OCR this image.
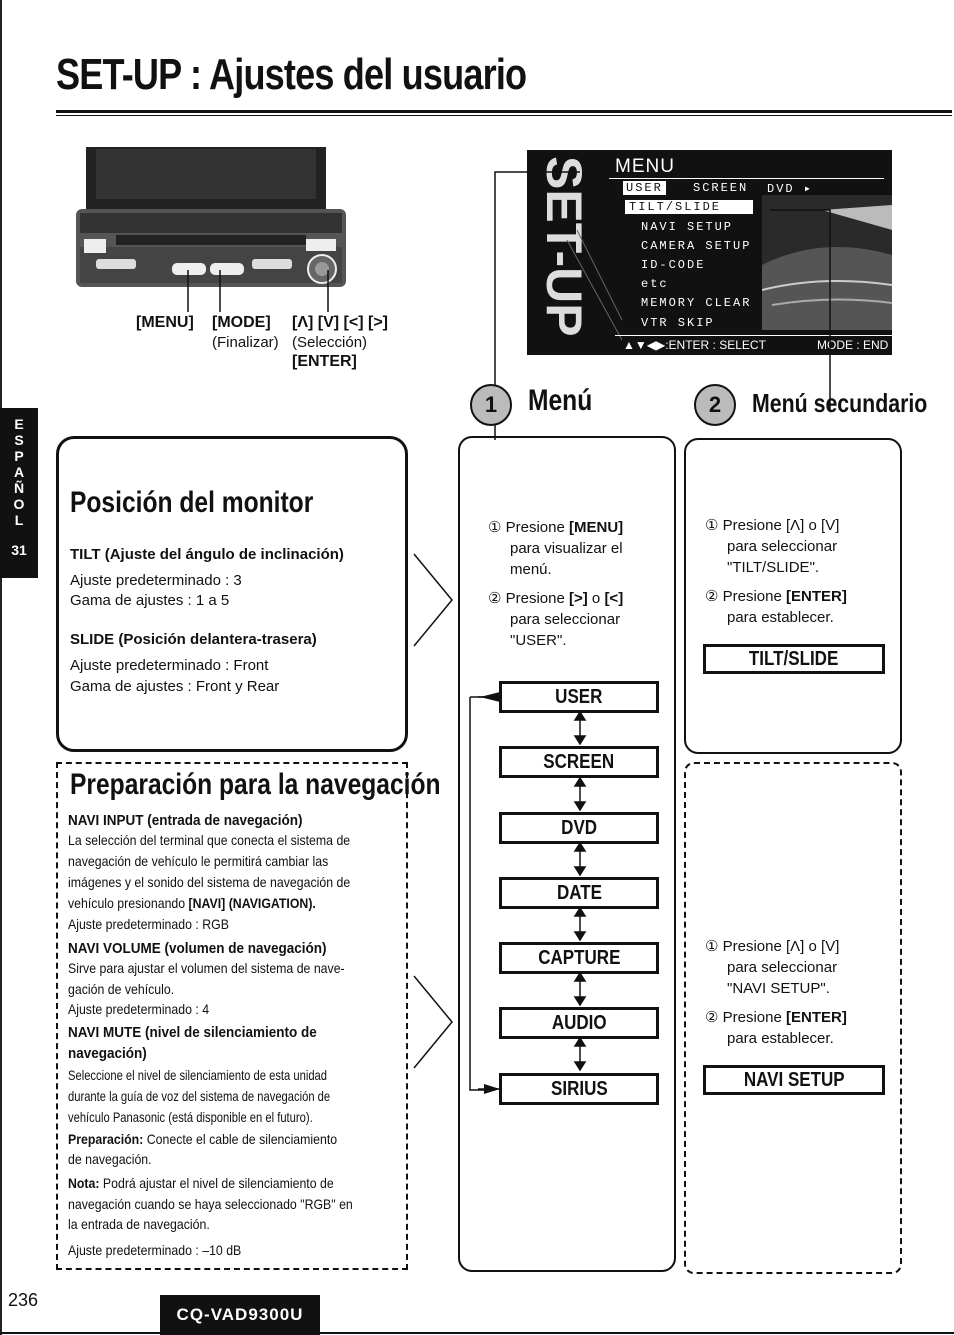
SET-UP : Ajustes del usuario
E
S
P
A
Ñ
O
L
31
[MENU] [MODE] [Λ] [V] [<] [>]
(Finalizar) (Selección)
[ENTER]
SET-UP MENU
USER	SCREEN DVD ▸
TILT/SLIDE
NAVI SETUP
CAMERA SETUP
ID-CODE
etc
MEMORY CLEAR
VTR SKIP
▲▼◀▶:ENTER : SELECT	MODE : END
1	Menú	2	Menú secundario
Posición del monitor
TILT (Ajuste del ángulo de inclinación)
Ajuste predeterminado : 3
Gama de ajustes : 1 a 5
SLIDE (Posición delantera-trasera)
Ajuste predeterminado : Front
Gama de ajustes : Front y Rear
Preparación para la navegación
NAVI INPUT (entrada de navegación)
La selección del terminal que conecta el sistema de
navegación de vehículo le permitirá cambiar las
imágenes y el sonido del sistema de navegación de
vehículo presionando [NAVI] (NAVIGATION).
Ajuste predeterminado : RGB
NAVI VOLUME (volumen de navegación)
Sirve para ajustar el volumen del sistema de nave-
gación de vehículo.
Ajuste predeterminado : 4
NAVI MUTE (nivel de silenciamiento de
navegación)
Seleccione el nivel de silenciamiento de esta unidad
durante la guía de voz del sistema de navegación de
vehículo Panasonic (está disponible en el futuro).
Preparación: Conecte el cable de silenciamiento
de navegación.
Nota: Podrá ajustar el nivel de silenciamiento de
navegación cuando se haya seleccionado "RGB" en
la entrada de navegación.
Ajuste predeterminado : –10 dB
① Presione [MENU]
para visualizar el
menú.
② Presione [>] o [<]
para seleccionar
"USER".
USER
SCREEN
DVD
DATE
CAPTURE
AUDIO
SIRIUS
① Presione [Λ] o [V]
para seleccionar
"TILT/SLIDE".
② Presione [ENTER]
para establecer.
TILT/SLIDE
① Presione [Λ] o [V]
para seleccionar
"NAVI SETUP".
② Presione [ENTER]
para establecer.
NAVI SETUP
236
CQ-VAD9300U
